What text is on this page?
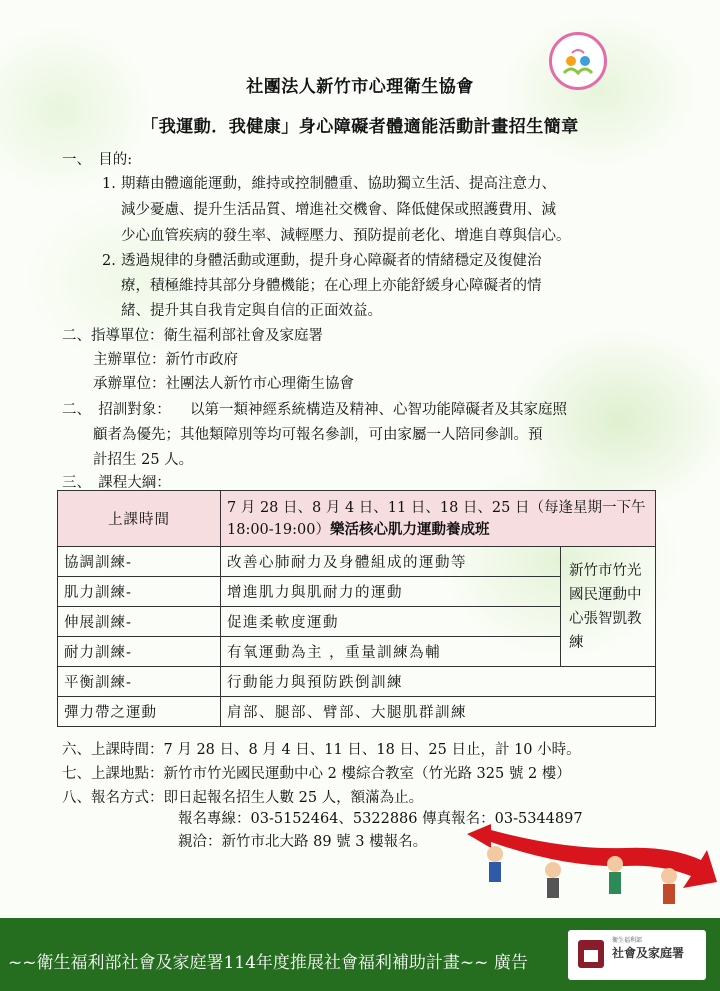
社團法人新竹市心理衛生協會
「我運動．我健康」身心障礙者體適能活動計畫招生簡章
一、　目的:
1. 期藉由體適能運動，維持或控制體重、協助獨立生活、提高注意力、
減少憂慮、提升生活品質、增進社交機會、降低健保或照護費用、減
少心血管疾病的發生率、減輕壓力、預防提前老化、增進自尊與信心。
2. 透過規律的身體活動或運動，提升身心障礙者的情緒穩定及復健治
療，積極維持其部分身體機能；在心理上亦能舒緩身心障礙者的情
緒、提升其自我肯定與自信的正面效益。
二、指導單位：衛生福利部社會及家庭署
主辦單位：新竹市政府
承辦單位：社團法人新竹市心理衛生協會
二、　招訓對象： 以第一類神經系統構造及精神、心智功能障礙者及其家庭照
顧者為優先；其他類障別等均可報名參訓，可由家屬一人陪同參訓。預
計招生 25 人。
三、　課程大綱：
上課時間	7 月 28 日、8 月 4 日、11 日、18 日、25 日（每逢星期一下午 18:00-19:00）樂活核心肌力運動養成班	
協調訓練-	改善心肺耐力及身體組成的運動等	新竹市竹光國民運動中心張智凱教練
肌力訓練-	增進肌力與肌耐力的運動	
伸展訓練-	促進柔軟度運動	
耐力訓練-	有氧運動為主 ，重量訓練為輔	
平衡訓練-	行動能力與預防跌倒訓練	
彈力帶之運動	肩部、腿部、臂部、大腿肌群訓練	
六、上課時間：7 月 28 日、8 月 4 日、11 日、18 日、25 日止，計 10 小時。
七、上課地點：新竹市竹光國民運動中心 2 樓綜合教室（竹光路 325 號 2 樓）
八、報名方式：即日起報名招生人數 25 人，額滿為止。
報名專線：03-5152464、5322886 傳真報名：03-5344897
親洽：新竹市北大路 89 號 3 樓報名。
~~衛生福利部社會及家庭署114年度推展社會福利補助計畫~~ 廣告
衛生福利部
社會及家庭署
